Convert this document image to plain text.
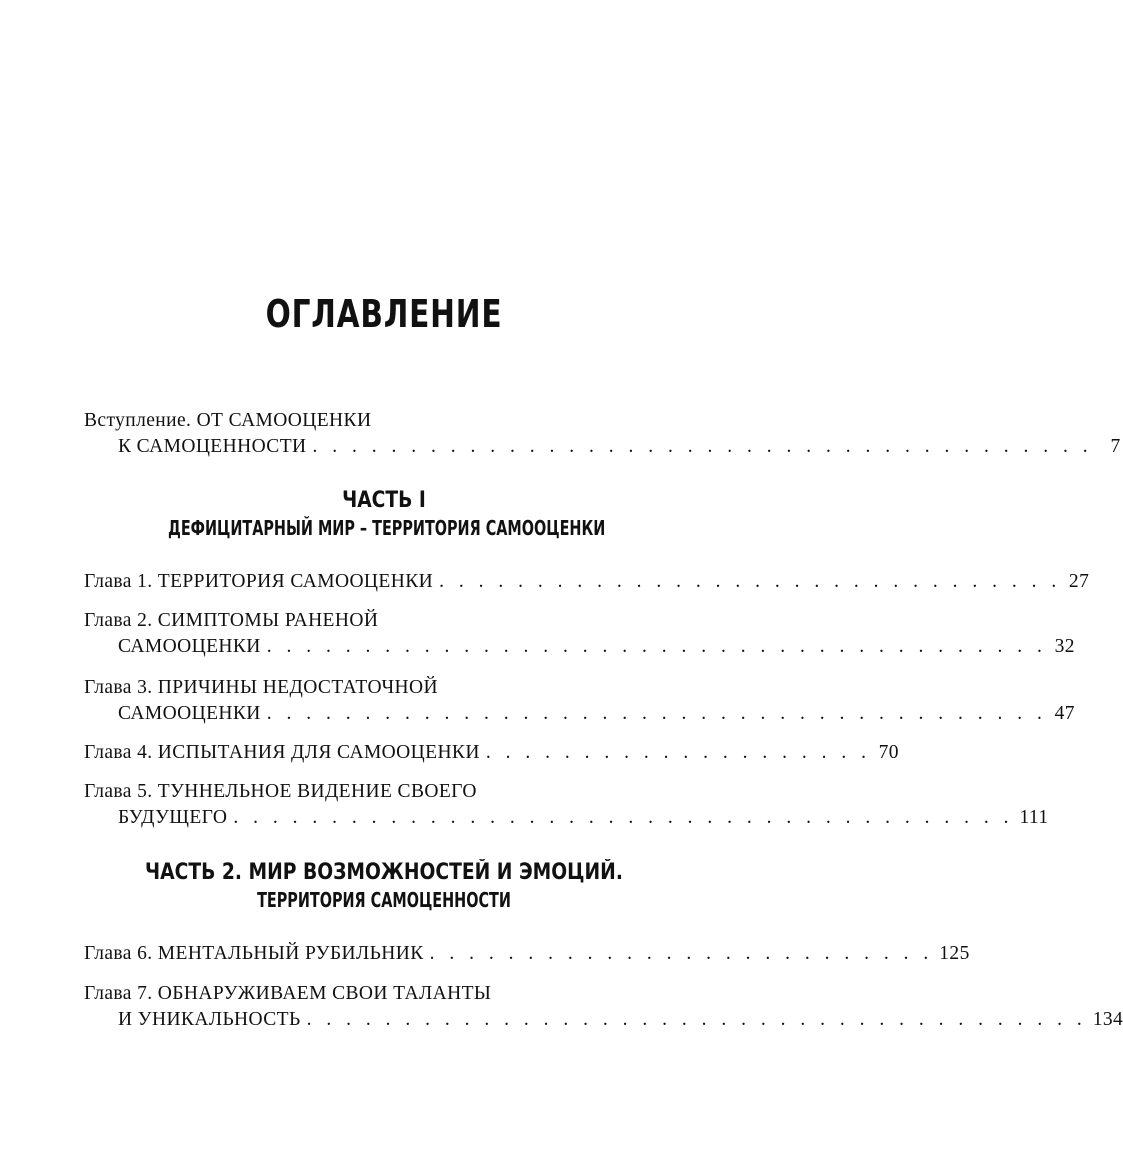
ОГЛАВЛЕНИЕ
Вступление. ОТ САМООЦЕНКИ
К САМОЦЕННОСТИ . . . . . . . . . . . . . . . . . . . . . . . . . . . . . . . . . . . . . . . . 7
ЧАСТЬ I
ДЕФИЦИТАРНЫЙ МИР – ТЕРРИТОРИЯ САМООЦЕНКИ
Глава 1. ТЕРРИТОРИЯ САМООЦЕНКИ . . . . . . . . . . . . . . . . . . . . . . . . . . . . . . . . 27
Глава 2. СИМПТОМЫ РАНЕНОЙ
САМООЦЕНКИ . . . . . . . . . . . . . . . . . . . . . . . . . . . . . . . . . . . . . . . . 32
Глава 3. ПРИЧИНЫ НЕДОСТАТОЧНОЙ
САМООЦЕНКИ . . . . . . . . . . . . . . . . . . . . . . . . . . . . . . . . . . . . . . . . 47
Глава 4. ИСПЫТАНИЯ ДЛЯ САМООЦЕНКИ . . . . . . . . . . . . . . . . . . . . 70
Глава 5. ТУННЕЛЬНОЕ ВИДЕНИЕ СВОЕГО
БУДУЩЕГО . . . . . . . . . . . . . . . . . . . . . . . . . . . . . . . . . . . . . . . . 111
ЧАСТЬ 2. МИР ВОЗМОЖНОСТЕЙ И ЭМОЦИЙ.
ТЕРРИТОРИЯ САМОЦЕННОСТИ
Глава 6. МЕНТАЛЬНЫЙ РУБИЛЬНИК . . . . . . . . . . . . . . . . . . . . . . . . . . 125
Глава 7. ОБНАРУЖИВАЕМ СВОИ ТАЛАНТЫ
И УНИКАЛЬНОСТЬ . . . . . . . . . . . . . . . . . . . . . . . . . . . . . . . . . . . . . . . . 134
